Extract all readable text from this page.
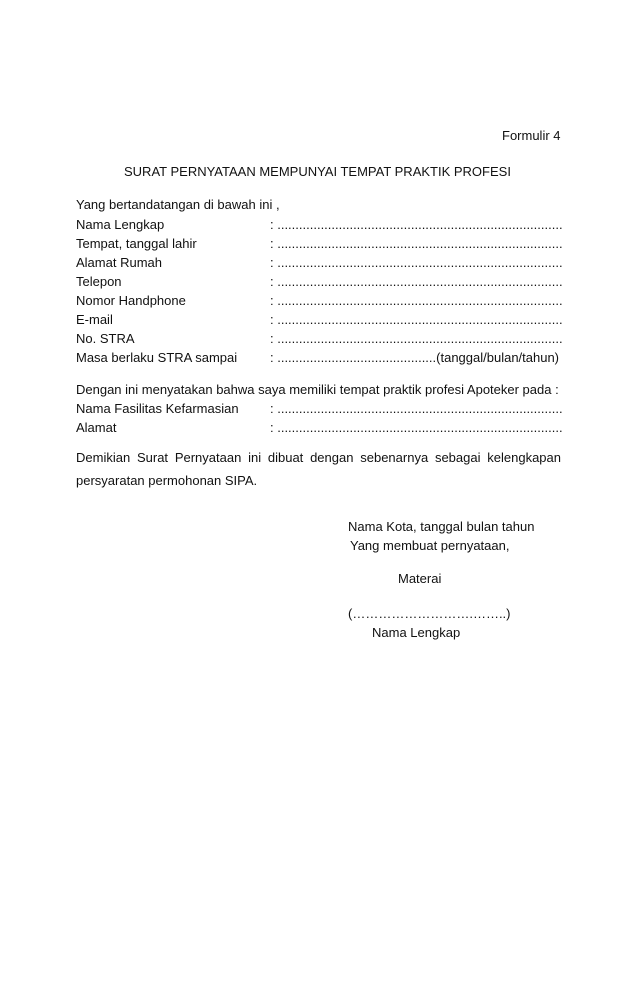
Formulir 4
SURAT PERNYATAAN MEMPUNYAI TEMPAT PRAKTIK PROFESI
Yang bertandatangan di bawah ini ,
Nama Lengkap	: ...............................................................................
Tempat, tanggal lahir	: ...............................................................................
Alamat Rumah	: ...............................................................................
Telepon	: ...............................................................................
Nomor Handphone	: ...............................................................................
E-mail	: ...............................................................................
No. STRA	: ...............................................................................
Masa berlaku STRA sampai	: ............................................(tanggal/bulan/tahun)
Dengan ini menyatakan bahwa saya memiliki tempat praktik profesi Apoteker pada :
Nama Fasilitas Kefarmasian : ...............................................................................
Alamat	: ...............................................................................
Demikian Surat Pernyataan ini dibuat dengan sebenarnya sebagai kelengkapan persyaratan permohonan SIPA.
Nama Kota, tanggal bulan tahun
Yang membuat pernyataan,
Materai
(……………………….……..)
Nama Lengkap
